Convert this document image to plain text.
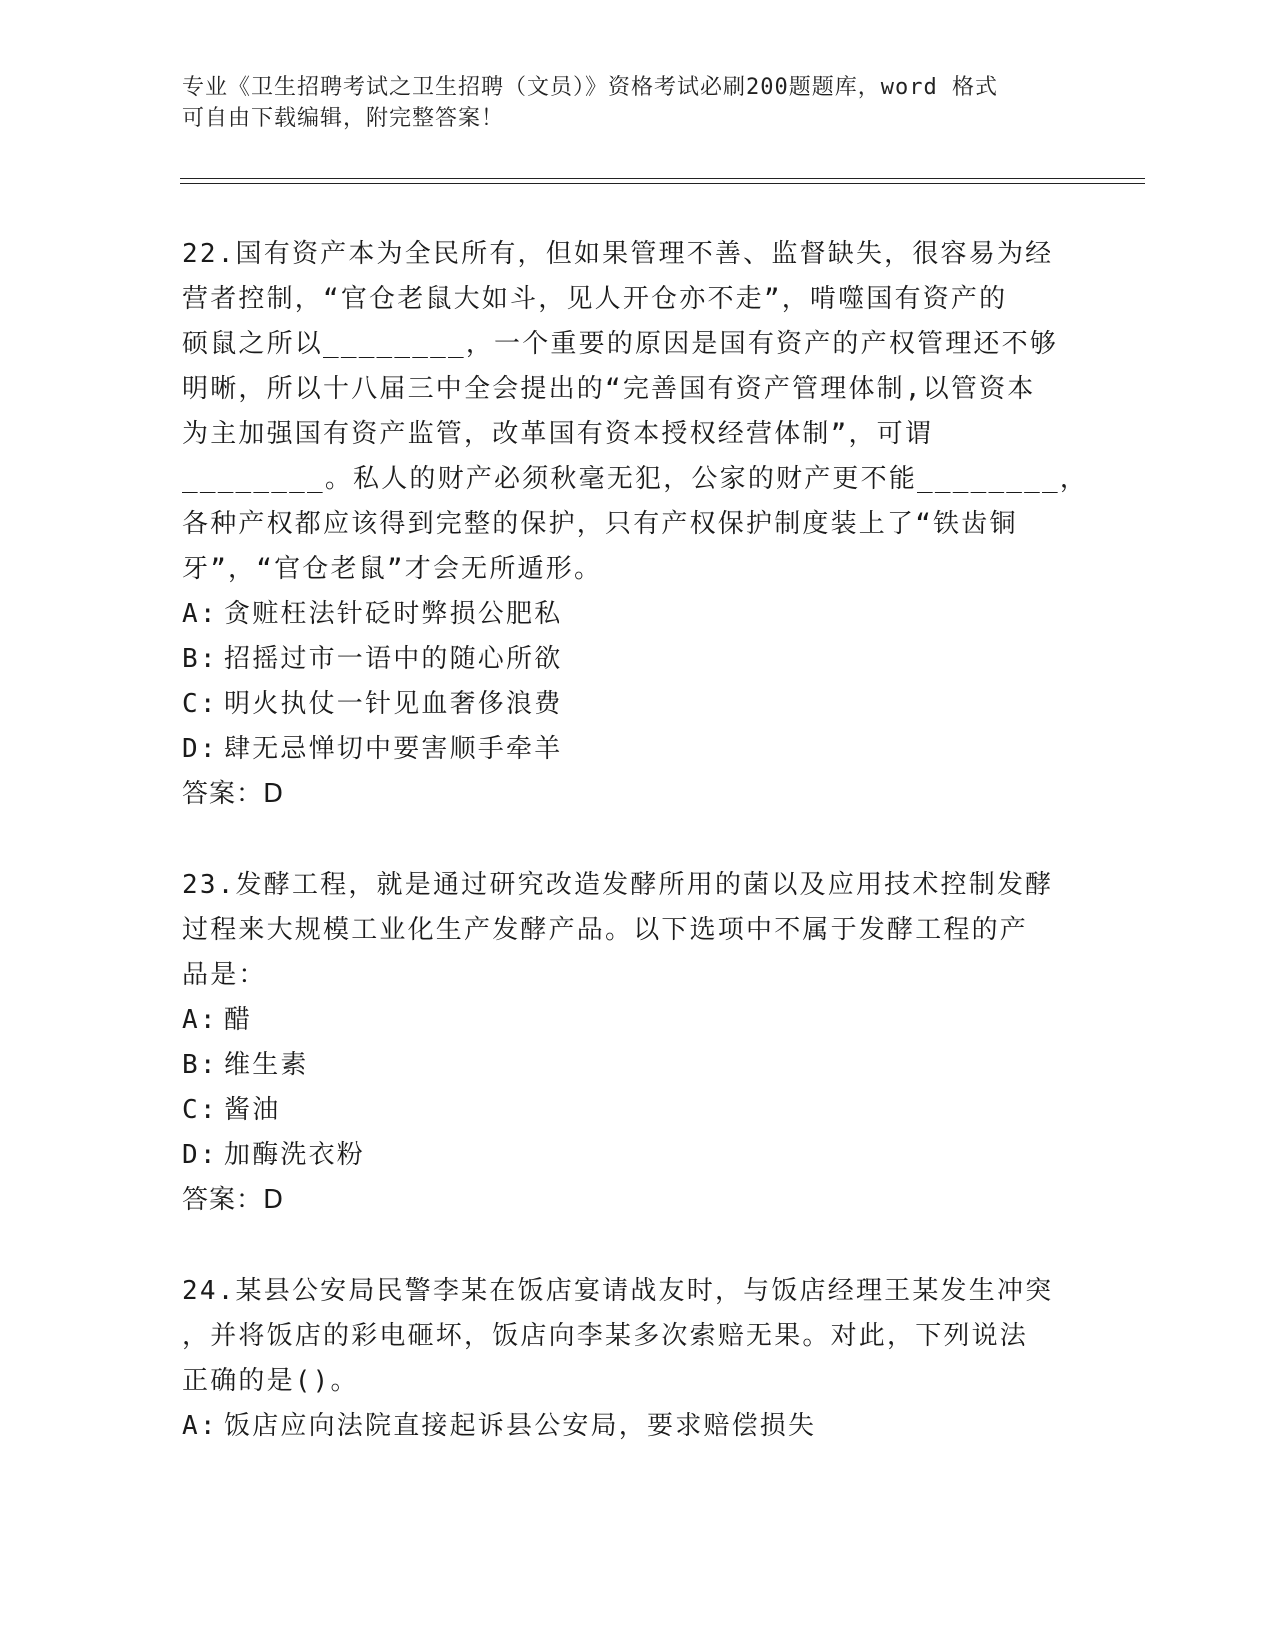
专业《卫生招聘考试之卫生招聘（文员）》资格考试必刷200题题库，word 格式
可自由下载编辑，附完整答案！
22.国有资产本为全民所有，但如果管理不善、监督缺失，很容易为经
营者控制，“官仓老鼠大如斗，见人开仓亦不走”，啃噬国有资产的
硕鼠之所以________，一个重要的原因是国有资产的产权管理还不够
明晰，所以十八届三中全会提出的“完善国有资产管理体制,以管资本
为主加强国有资产监管，改革国有资本授权经营体制”，可谓
________。私人的财产必须秋毫无犯，公家的财产更不能________，
各种产权都应该得到完整的保护，只有产权保护制度装上了“铁齿铜
牙”，“官仓老鼠”才会无所遁形。
A: 贪赃枉法针砭时弊损公肥私
B: 招摇过市一语中的随心所欲
C: 明火执仗一针见血奢侈浪费
D: 肆无忌惮切中要害顺手牵羊
答案：D
23.发酵工程，就是通过研究改造发酵所用的菌以及应用技术控制发酵
过程来大规模工业化生产发酵产品。以下选项中不属于发酵工程的产
品是：
A: 醋
B: 维生素
C: 酱油
D: 加酶洗衣粉
答案：D
24.某县公安局民警李某在饭店宴请战友时，与饭店经理王某发生冲突
，并将饭店的彩电砸坏，饭店向李某多次索赔无果。对此，下列说法
正确的是()。
A: 饭店应向法院直接起诉县公安局，要求赔偿损失
